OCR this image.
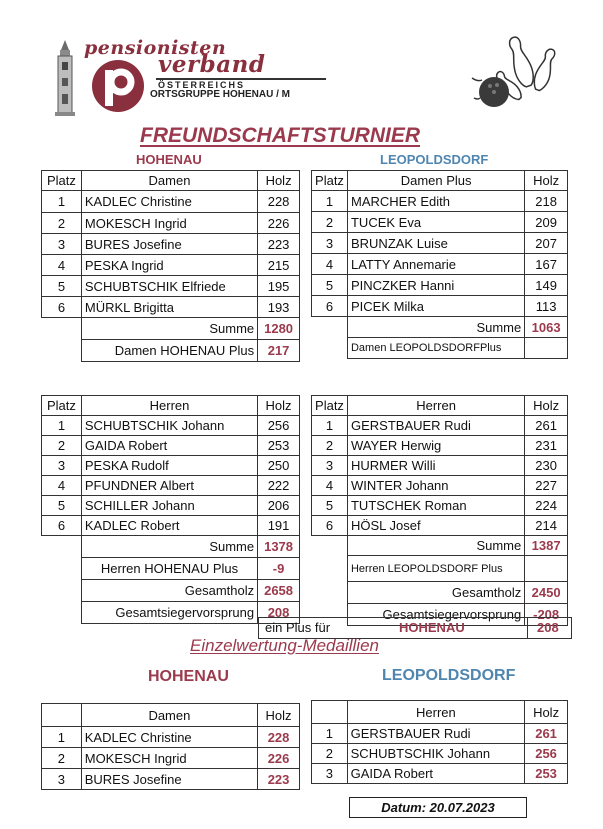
pensionisten
verband
ÖSTERREICHS
ORTSGRUPPE HOHENAU / M
FREUNDSCHAFTSTURNIER
HOHENAU	LEOPOLDSDORF
Platz	Damen	Holz
1	KADLEC Christine	228
2	MOKESCH Ingrid	226
3	BURES Josefine	223
4	PESKA Ingrid	215
5	SCHUBTSCHIK Elfriede	195
6	MÜRKL Brigitta	193
	Summe	1280
	Damen HOHENAU Plus	217
Platz	Damen Plus	Holz
1	MARCHER Edith	218
2	TUCEK Eva	209
3	BRUNZAK Luise	207
4	LATTY Annemarie	167
5	PINCZKER Hanni	149
6	PICEK Milka	113
	Summe	1063
	Damen LEOPOLDSDORFPlus	
Platz	Herren	Holz
1	SCHUBTSCHIK Johann	256
2	GAIDA Robert	253
3	PESKA Rudolf	250
4	PFUNDNER Albert	222
5	SCHILLER Johann	206
6	KADLEC Robert	191
	Summe	1378
	Herren HOHENAU Plus	-9
	Gesamtholz	2658
	Gesamtsiegervorsprung	208
Platz	Herren	Holz
1	GERSTBAUER Rudi	261
2	WAYER Herwig	231
3	HURMER Willi	230
4	WINTER Johann	227
5	TUTSCHEK Roman	224
6	HÖSL Josef	214
	Summe	1387
	Herren LEOPOLDSDORF Plus	
	Gesamtholz	2450
	Gesamtsiegervorsprung	-208
ein Plus für	HOHENAU	208
Einzelwertung-Medaillien
HOHENAU	LEOPOLDSDORF
	Damen	Holz
1	KADLEC Christine	228
2	MOKESCH Ingrid	226
3	BURES Josefine	223
	Herren	Holz
1	GERSTBAUER Rudi	261
2	SCHUBTSCHIK Johann	256
3	GAIDA Robert	253
Datum: 20.07.2023
